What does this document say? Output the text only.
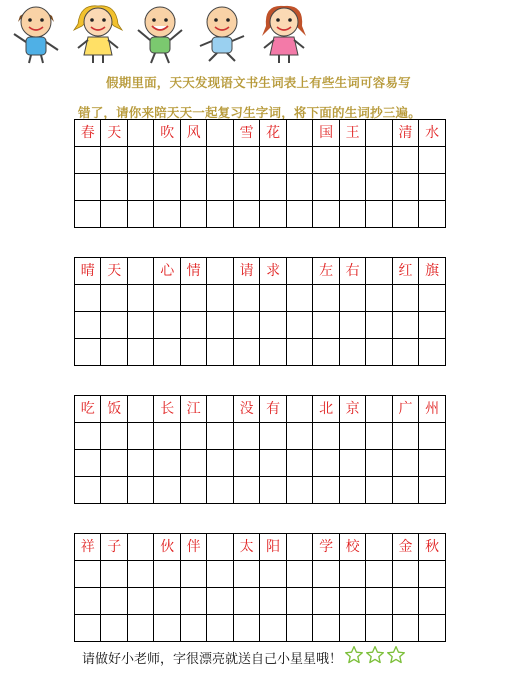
假期里面，天天发现语文书生词表上有些生词可容易写
错了，请你来陪天天一起复习生字词，将下面的生词抄三遍。
春	天		吹	风		雪	花		国	王		清	水

晴	天		心	情		请	求		左	右		红	旗

吃	饭		长	江		没	有		北	京		广	州

祥	子		伙	伴		太	阳		学	校		金	秋

请做好小老师，字很漂亮就送自己小星星哦！
